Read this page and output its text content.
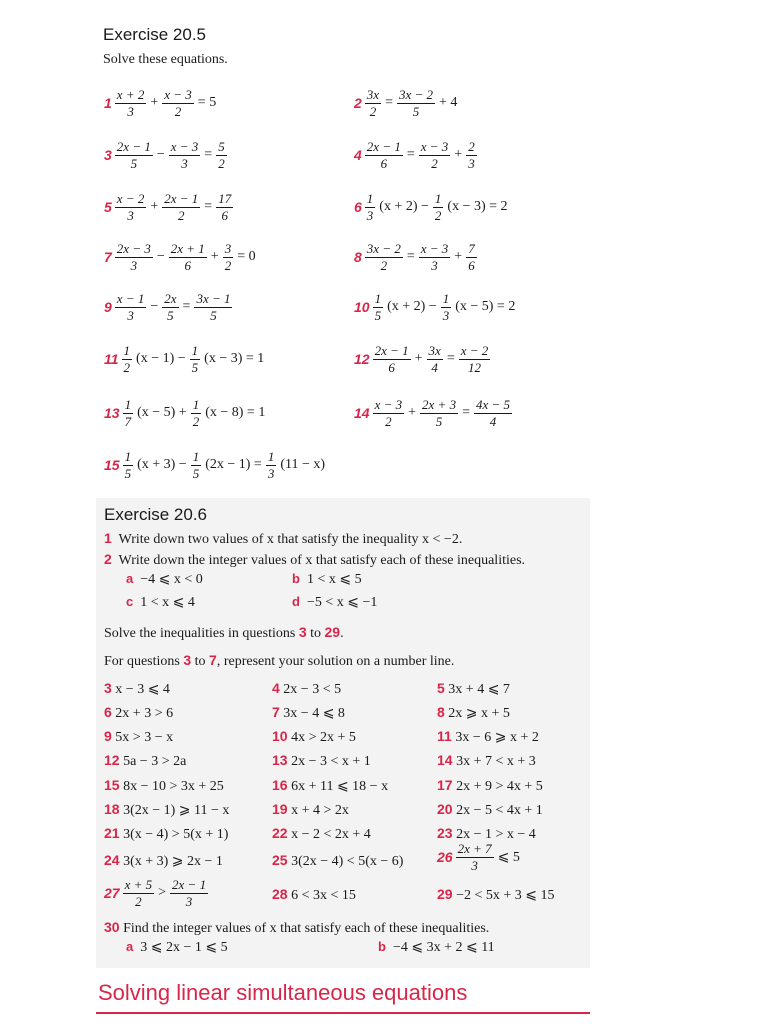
Exercise 20.5
Solve these equations.
$1 \frac{x + 2}{3} + \frac{x - 3}{2} = 5$	$2 \frac{3x}{2} = \frac{3x - 2}{5} + 4$
$3 \frac{2x - 1}{5} - \frac{x - 3}{3} = \frac{5}{2}$	$4 \frac{2x - 1}{6} = \frac{x - 3}{2} + \frac{2}{3}$
$5 \frac{x - 2}{3} + \frac{2x - 1}{2} = \frac{17}{6}$	$6 \frac{1}{3} (x + 2) - \frac{1}{2} (x - 3) = 2$
$7 \frac{2x - 3}{3} - \frac{2x + 1}{6} + \frac{3}{2} = 0$	$8 \frac{3x - 2}{2} = \frac{x - 3}{3} + \frac{7}{6}$
$9 \frac{x - 1}{3} - \frac{2x}{5} = \frac{3x - 1}{5}$	$10 \frac{1}{5} (x + 2) - \frac{1}{3} (x - 5) = 2$
$11 \frac{1}{2} (x - 1) - \frac{1}{5} (x - 3) = 1$	$12 \frac{2x - 1}{6} + \frac{3x}{4} = \frac{x - 2}{12}$
$13 \frac{1}{7} (x - 5) + \frac{1}{2} (x - 8) = 1$	$14 \frac{x - 3}{2} + \frac{2x + 3}{5} = \frac{4x - 5}{4}$
$15 \frac{1}{5} (x + 3) - \frac{1}{5} (2x - 1) = \frac{1}{3} (11 - x)$
Exercise 20.6
1 Write down two values of x that satisfy the inequality x < −2.
2 Write down the integer values of x that satisfy each of these inequalities.
a −4 ⩽ x < 0	b 1 < x ⩽ 5
c 1 < x ⩽ 4	d −5 < x ⩽ −1
Solve the inequalities in questions 3 to 29.
For questions 3 to 7, represent your solution on a number line.
3 x − 3 ⩽ 4	4 2x − 3 < 5	5 3x + 4 ⩽ 7
6 2x + 3 > 6	7 3x − 4 ⩽ 8	8 2x ⩾ x + 5
9 5x > 3 − x	10 4x > 2x + 5	11 3x − 6 ⩾ x + 2
12 5a − 3 > 2a	13 2x − 3 < x + 1	14 3x + 7 < x + 3
15 8x − 10 > 3x + 25	16 6x + 11 ⩽ 18 − x	17 2x + 9 > 4x + 5
18 3(2x − 1) ⩾ 11 − x	19 x + 4 > 2x	20 2x − 5 < 4x + 1
21 3(x − 4) > 5(x + 1)	22 x − 2 < 2x + 4	23 2x − 1 > x − 4
24 3(x + 3) ⩾ 2x − 1	25 3(2x − 4) < 5(x − 6) $26 \frac{2x + 7}{3}$ ⩽ 5
$27 \frac{x + 5}{2} > \frac{2x - 1}{3}$	28 6 < 3x < 15	29 −2 < 5x + 3 ⩽ 15
30 Find the integer values of x that satisfy each of these inequalities.
a 3 ⩽ 2x − 1 ⩽ 5	b −4 ⩽ 3x + 2 ⩽ 11
Solving linear simultaneous equations
